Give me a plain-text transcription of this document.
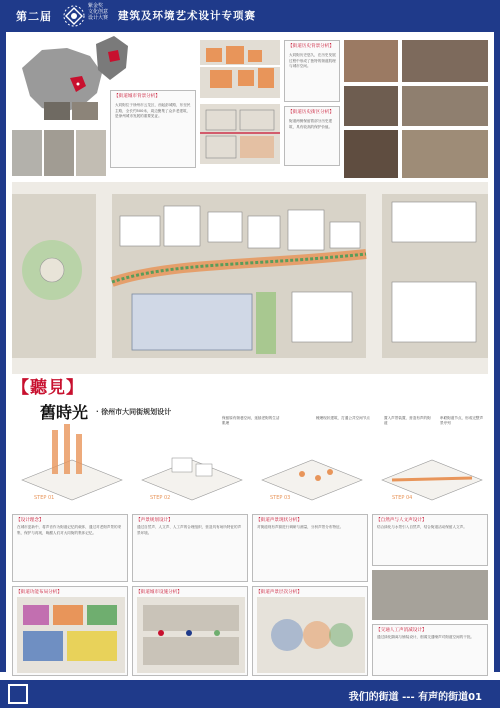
第二届
紫金奖
文化创意
设计大赛 建筑及环境艺术设计专项赛
【街道城市背景分析】
大同街位于徐州市云龙区，西起彭城路，东至民主路，全长约500米，周边聚集了众多老建筑，是徐州城市发展的重要见证。
【街道历史背景分析】
大同街历史悠久，在历史发展过程中形成了独特的街道肌理与城市空间。
【街道历史街区分析】
街道两侧保留着部分历史建筑，具有较高的保护价值。
【聽見】
舊時光 · 徐州市大同街规划设计
保留原有街巷空间，延续老街的生活肌理
梳理现状建筑，打通公共空间节点	置入声景装置，营造有声的街道
串联街道节点，形成完整声景序列
STEP 01	STEP 02	STEP 03	STEP 04
【设计理念】
在城市更新中，将声音作为街道记忆的载体，通过对老街声景的采集、保护与再现，唤醒人们对大同街的集体记忆。
【声景规划设计】
通过自然声、人文声、人工声的合理组织，营造具有场所特征的声景环境。
【街道声景现状分析】
对街道现有声源进行调研与测量，分析声景分布特征。
【自然声与人文声设计】
结合绿化与水景引入自然声，结合街道活动保留人文声。
【街道功能布局分析】	【街道城市设施分析】	【街道声景层次分析】
【交通人工声消减设计】
通过绿化隔离与铺装设计，削弱交通噪声对街道空间的干扰。
我们的街道 --- 有声的街道01
